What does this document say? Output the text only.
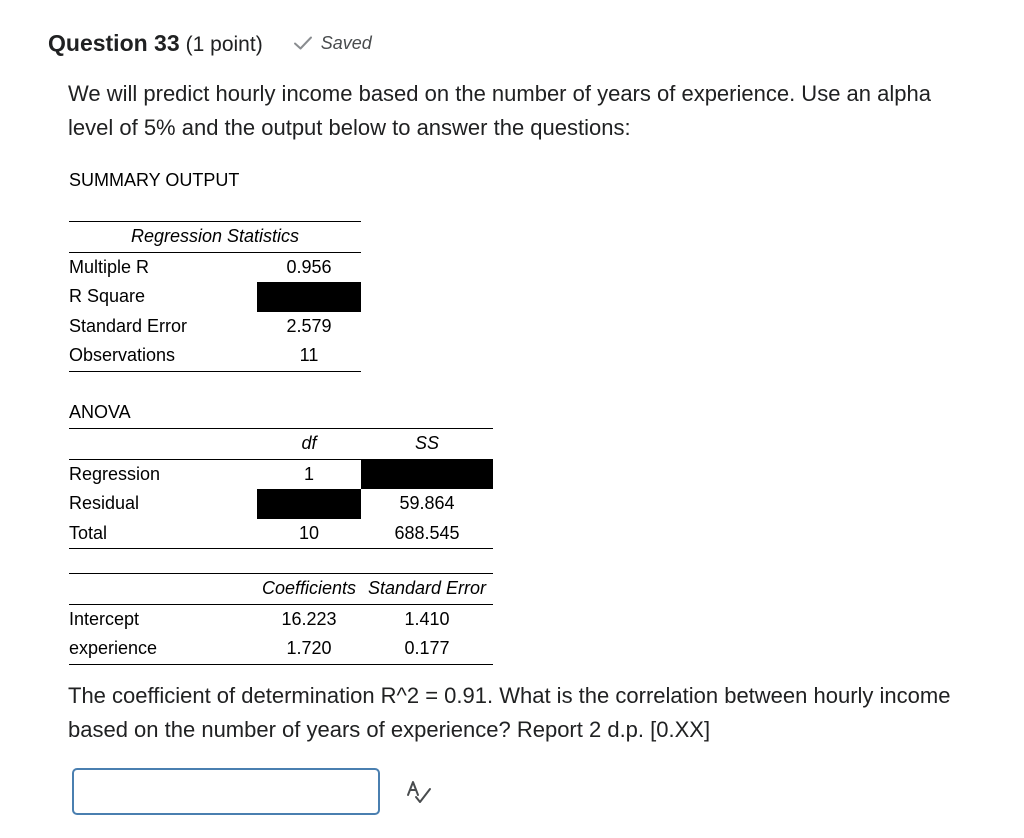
Question 33 (1 point)	Saved
We will predict hourly income based on the number of years of experience. Use an alpha level of 5% and the output below to answer the questions:
SUMMARY OUTPUT
Regression Statistics	
Multiple R	0.956
R Square	
Standard Error	2.579
Observations	11
ANOVA
	df	SS
Regression	1	
Residual		59.864
Total	10	688.545
	Coefficients	Standard Error
Intercept	16.223	1.410
experience	1.720	0.177
The coefficient of determination R^2 = 0.91. What is the correlation between hourly income based on the number of years of experience? Report 2 d.p. [0.XX]
